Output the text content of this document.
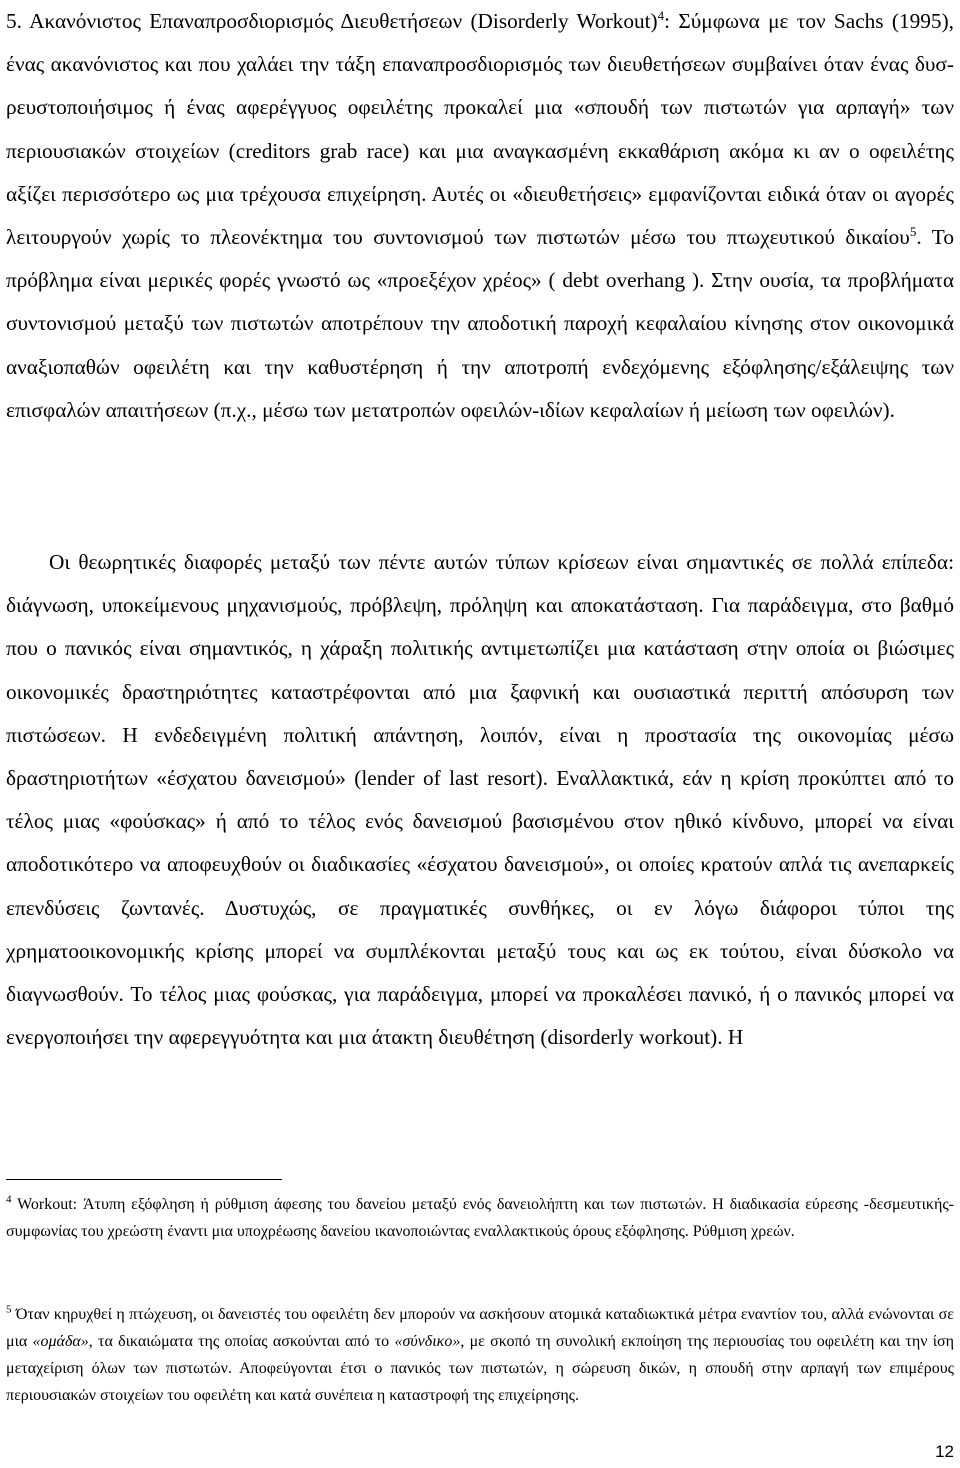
5. Ακανόνιστος Επαναπροσδιορισμός Διευθετήσεων (Disorderly Workout)$^4$: Σύμφωνα με τον Sachs (1995), ένας ακανόνιστος και που χαλάει την τάξη επαναπροσδιορισμός των διευθετήσεων συμβαίνει όταν ένας δυσ-ρευστοποιήσιμος ή ένας αφερέγγυος οφειλέτης προκαλεί μια «σπουδή των πιστωτών για αρπαγή» των περιουσιακών στοιχείων (creditors grab race) και μια αναγκασμένη εκκαθάριση ακόμα κι αν ο οφειλέτης αξίζει περισσότερο ως μια τρέχουσα επιχείρηση. Αυτές οι «διευθετήσεις» εμφανίζονται ειδικά όταν οι αγορές λειτουργούν χωρίς το πλεονέκτημα του συντονισμού των πιστωτών μέσω του πτωχευτικού δικαίου$^5$. Το πρόβλημα είναι μερικές φορές γνωστό ως «προεξέχον χρέος» ( debt overhang ). Στην ουσία, τα προβλήματα συντονισμού μεταξύ των πιστωτών αποτρέπουν την αποδοτική παροχή κεφαλαίου κίνησης στον οικονομικά αναξιοπαθών οφειλέτη και την καθυστέρηση ή την αποτροπή ενδεχόμενης εξόφλησης/εξάλειψης των επισφαλών απαιτήσεων (π.χ., μέσω των μετατροπών οφειλών-ιδίων κεφαλαίων ή μείωση των οφειλών).

Οι θεωρητικές διαφορές μεταξύ των πέντε αυτών τύπων κρίσεων είναι σημαντικές σε πολλά επίπεδα: διάγνωση, υποκείμενους μηχανισμούς, πρόβλεψη, πρόληψη και αποκατάσταση. Για παράδειγμα, στο βαθμό που ο πανικός είναι σημαντικός, η χάραξη πολιτικής αντιμετωπίζει μια κατάσταση στην οποία οι βιώσιμες οικονομικές δραστηριότητες καταστρέφονται από μια ξαφνική και ουσιαστικά περιττή απόσυρση των πιστώσεων. Η ενδεδειγμένη πολιτική απάντηση, λοιπόν, είναι η προστασία της οικονομίας μέσω δραστηριοτήτων «έσχατου δανεισμού» (lender of last resort). Εναλλακτικά, εάν η κρίση προκύπτει από το τέλος μιας «φούσκας» ή από το τέλος ενός δανεισμού βασισμένου στον ηθικό κίνδυνο, μπορεί να είναι αποδοτικότερο να αποφευχθούν οι διαδικασίες «έσχατου δανεισμού», οι οποίες κρατούν απλά τις ανεπαρκείς επενδύσεις ζωντανές. Δυστυχώς, σε πραγματικές συνθήκες, οι εν λόγω διάφοροι τύποι της χρηματοοικονομικής κρίσης μπορεί να συμπλέκονται μεταξύ τους και ως εκ τούτου, είναι δύσκολο να διαγνωσθούν. Το τέλος μιας φούσκας, για παράδειγμα, μπορεί να προκαλέσει πανικό, ή ο πανικός μπορεί να ενεργοποιήσει την αφερεγγυότητα και μια άτακτη διευθέτηση (disorderly workout). Η

$^4$ Workout: Άτυπη εξόφληση ή ρύθμιση άφεσης του δανείου μεταξύ ενός δανειολήπτη και των πιστωτών. Η διαδικασία εύρεσης -δεσμευτικής- συμφωνίας του χρεώστη έναντι μια υποχρέωσης δανείου ικανοποιώντας εναλλακτικούς όρους εξόφλησης. Ρύθμιση χρεών.

$^5$ Όταν κηρυχθεί η πτώχευση, οι δανειστές του οφειλέτη δεν μπορούν να ασκήσουν ατομικά καταδιωκτικά μέτρα εναντίον του, αλλά ενώνονται σε μια «ομάδα», τα δικαιώματα της οποίας ασκούνται από το «σύνδικο», με σκοπό τη συνολική εκποίηση της περιουσίας του οφειλέτη και την ίση μεταχείριση όλων των πιστωτών. Αποφεύγονται έτσι ο πανικός των πιστωτών, η σώρευση δικών, η σπουδή στην αρπαγή των επιμέρους περιουσιακών στοιχείων του οφειλέτη και κατά συνέπεια η καταστροφή της επιχείρησης.

12
